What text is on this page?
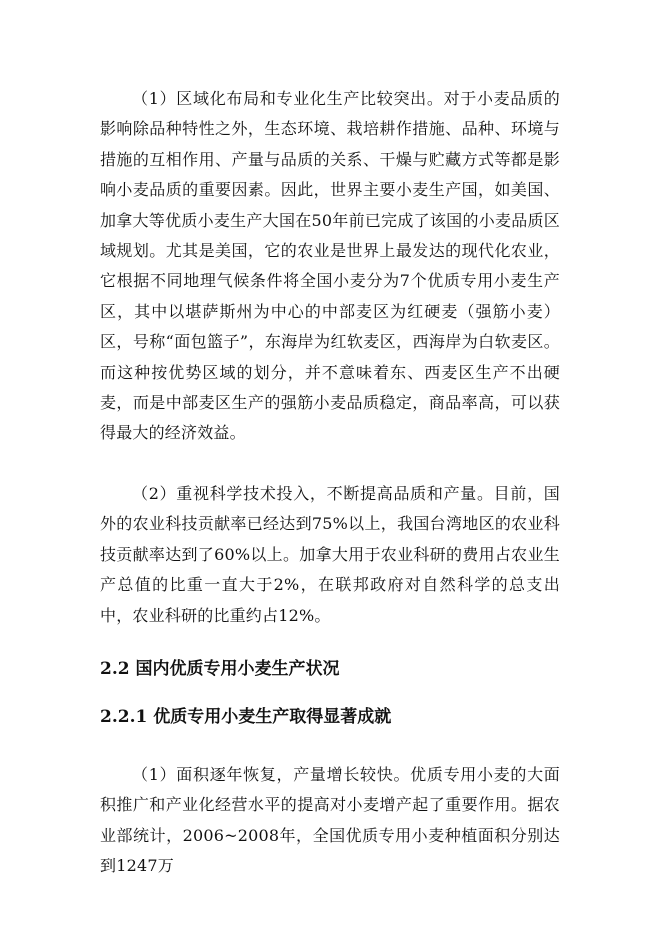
（1）区域化布局和专业化生产比较突出。对于小麦品质的影响除品种特性之外，生态环境、栽培耕作措施、品种、环境与措施的互相作用、产量与品质的关系、干燥与贮藏方式等都是影响小麦品质的重要因素。因此，世界主要小麦生产国，如美国、加拿大等优质小麦生产大国在50年前已完成了该国的小麦品质区域规划。尤其是美国，它的农业是世界上最发达的现代化农业，它根据不同地理气候条件将全国小麦分为7个优质专用小麦生产区，其中以堪萨斯州为中心的中部麦区为红硬麦（强筋小麦）区，号称“面包篮子”，东海岸为红软麦区，西海岸为白软麦区。而这种按优势区域的划分，并不意味着东、西麦区生产不出硬麦，而是中部麦区生产的强筋小麦品质稳定，商品率高，可以获得最大的经济效益。

（2）重视科学技术投入，不断提高品质和产量。目前，国外的农业科技贡献率已经达到75%以上，我国台湾地区的农业科技贡献率达到了60%以上。加拿大用于农业科研的费用占农业生产总值的比重一直大于2%，在联邦政府对自然科学的总支出中，农业科研的比重约占12%。

2.2 国内优质专用小麦生产状况
2.2.1 优质专用小麦生产取得显著成就

（1）面积逐年恢复，产量增长较快。优质专用小麦的大面积推广和产业化经营水平的提高对小麦增产起了重要作用。据农业部统计，2006~2008年，全国优质专用小麦种植面积分别达到1247万
